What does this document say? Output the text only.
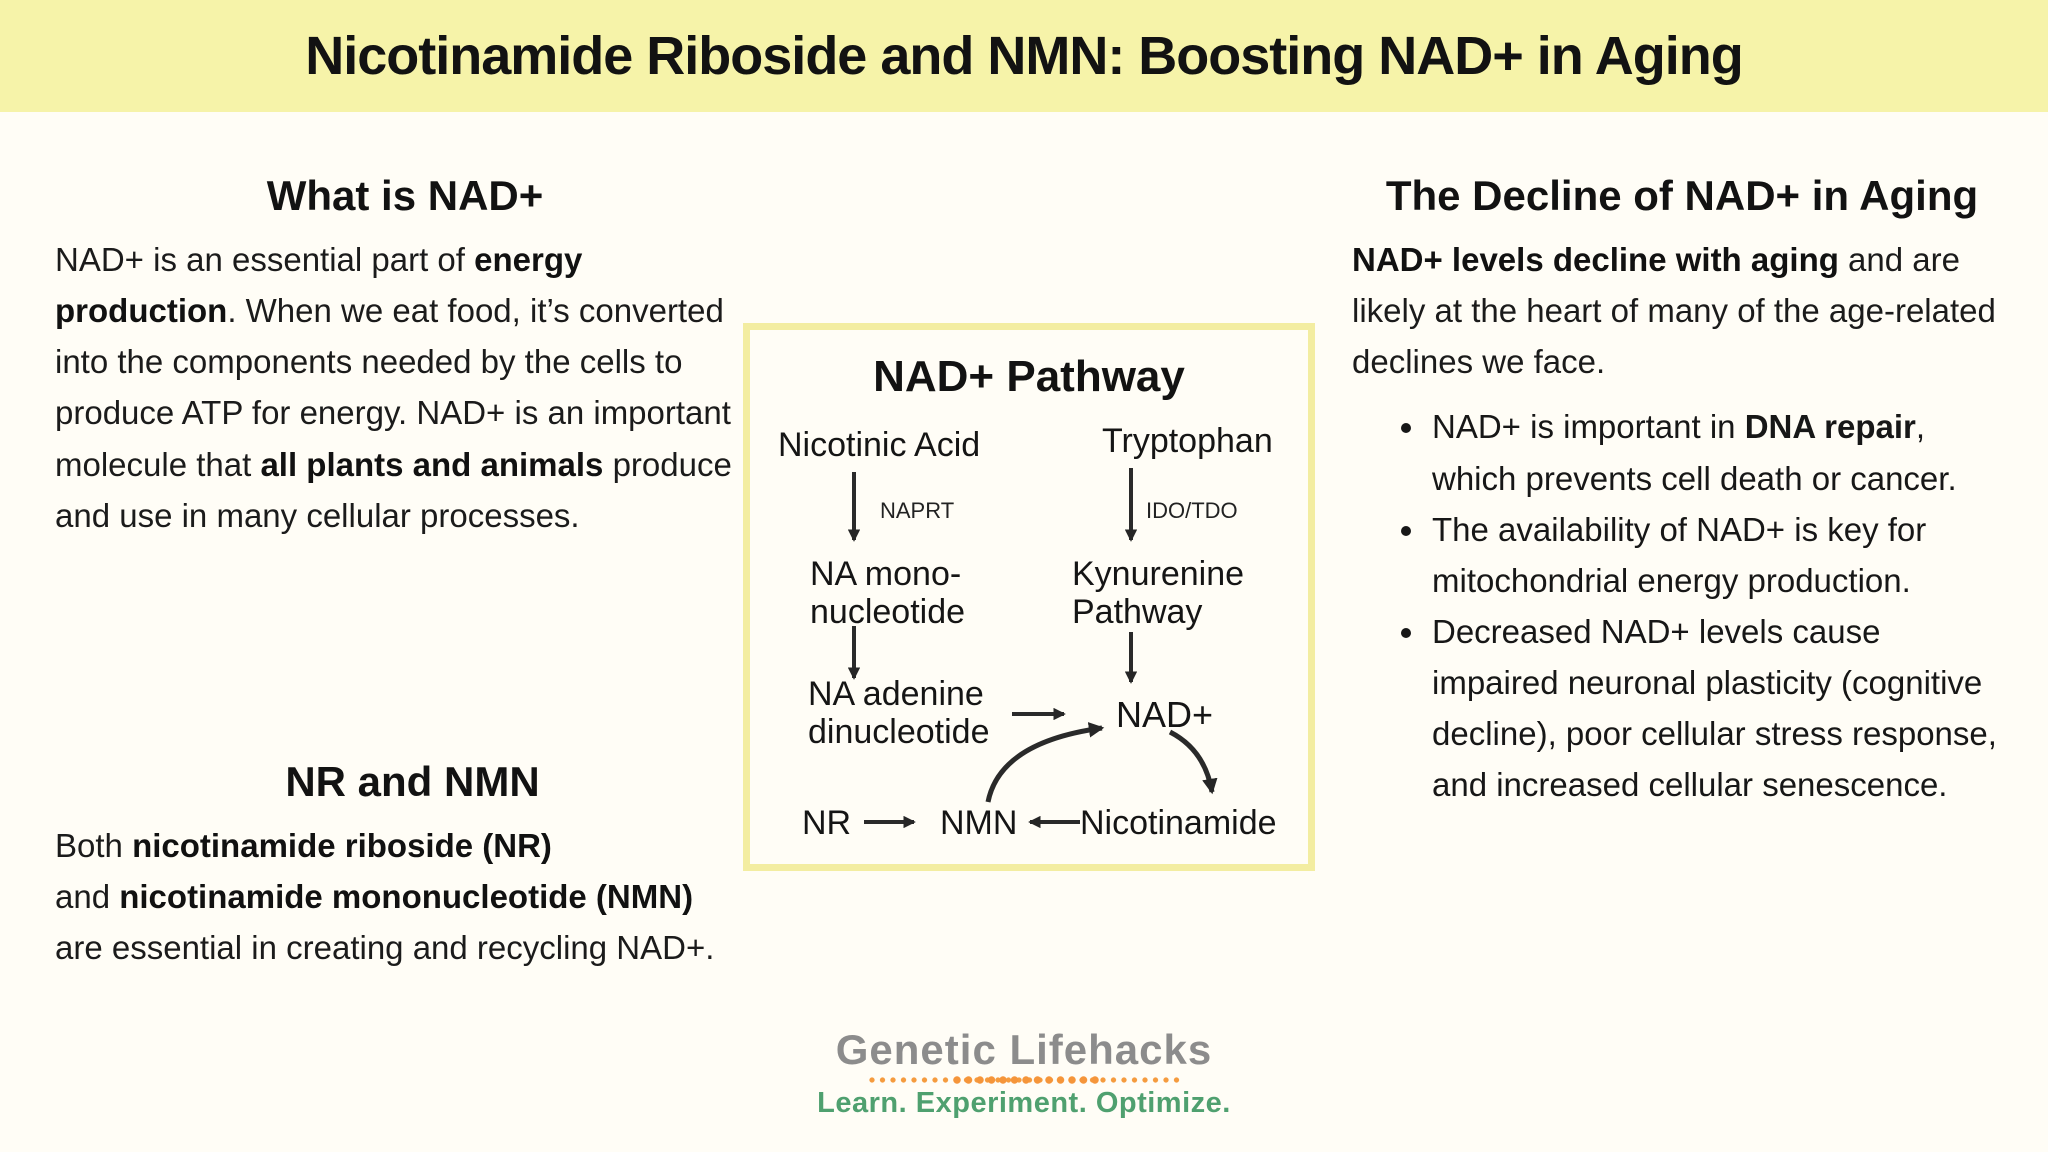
Nicotinamide Riboside and NMN: Boosting NAD+ in Aging
What is NAD+

NAD+ is an essential part of energy production. When we eat food, it’s converted into the components needed by the cells to produce ATP for energy. NAD+ is an important molecule that all plants and animals produce and use in many cellular processes.

NR and NMN

Both nicotinamide riboside (NR)
and nicotinamide mononucleotide (NMN)
are essential in creating and recycling NAD+.

NAD+ Pathway
Nicotinic Acid	Tryptophan
NAPRT	IDO/TDO
NA mono-
nucleotide
Kynurenine
Pathway
NA adenine
dinucleotide	NAD+
NR	NMN Nicotinamide
The Decline of NAD+ in Aging

NAD+ levels decline with aging and are likely at the heart of many of the age-related declines we face.

• NAD+ is important in DNA repair, which prevents cell death or cancer.
• The availability of NAD+ is key for mitochondrial energy production.
• Decreased NAD+ levels cause impaired neuronal plasticity (cognitive decline), poor cellular stress response, and increased cellular senescence.
Genetic Lifehacks
Learn. Experiment. Optimize.
